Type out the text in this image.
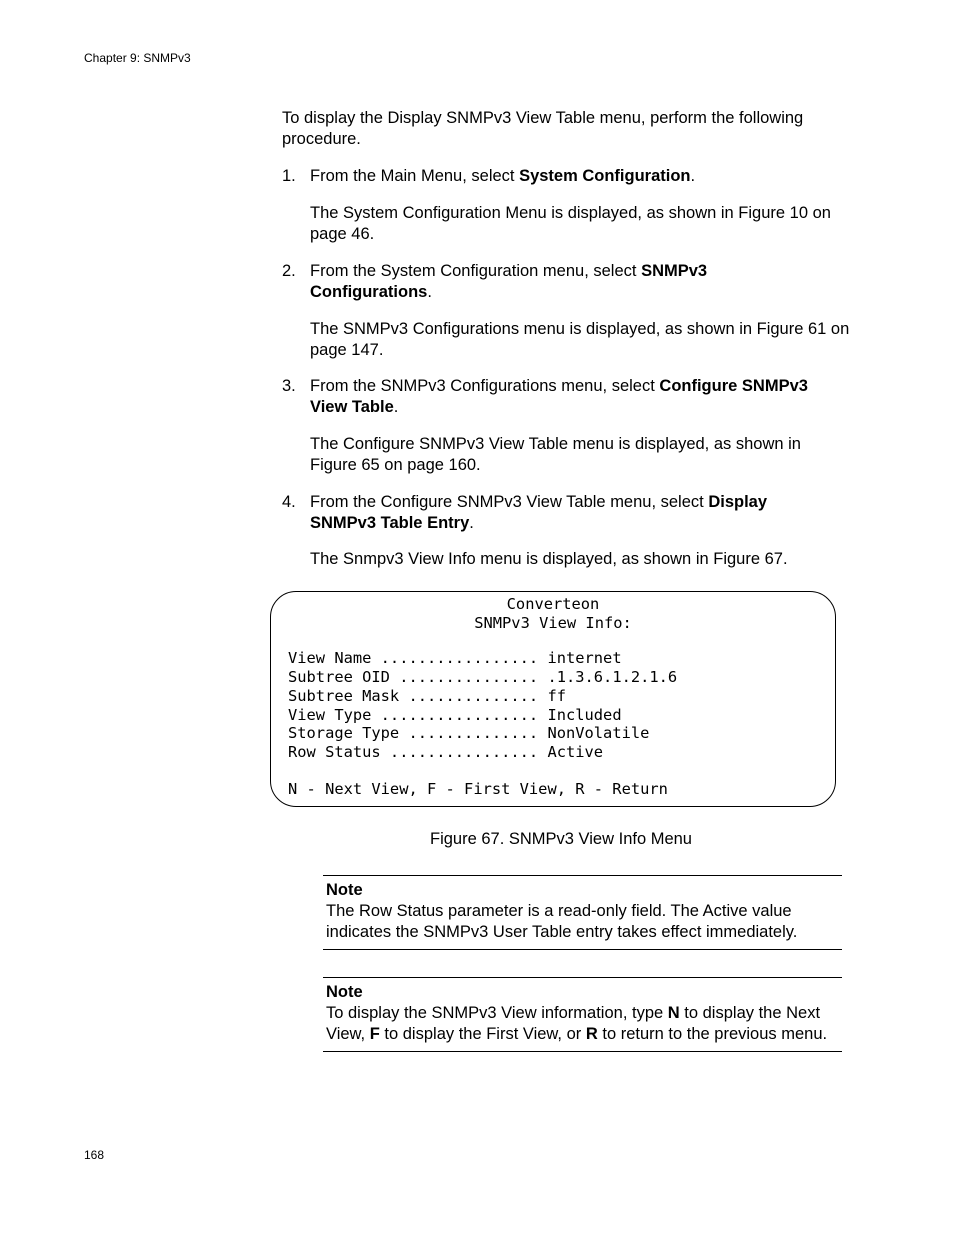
Chapter 9: SNMPv3
To display the Display SNMPv3 View Table menu, perform the following procedure.
1. From the Main Menu, select System Configuration.
The System Configuration Menu is displayed, as shown in Figure 10 on page 46.
2. From the System Configuration menu, select SNMPv3 Configurations.
The SNMPv3 Configurations menu is displayed, as shown in Figure 61 on page 147.
3. From the SNMPv3 Configurations menu, select Configure SNMPv3 View Table.
The Configure SNMPv3 View Table menu is displayed, as shown in Figure 65 on page 160.
4. From the Configure SNMPv3 View Table menu, select Display SNMPv3 Table Entry.
The Snmpv3 View Info menu is displayed, as shown in Figure 67.
Converteon
SNMPv3 View Info:
View Name ................. internet
Subtree OID ............... .1.3.6.1.2.1.6
Subtree Mask .............. ff
View Type ................. Included
Storage Type .............. NonVolatile
Row Status ................ Active
N - Next View, F - First View, R - Return
Figure 67. SNMPv3 View Info Menu
Note
The Row Status parameter is a read-only field. The Active value indicates the SNMPv3 User Table entry takes effect immediately.
Note
To display the SNMPv3 View information, type N to display the Next View, F to display the First View, or R to return to the previous menu.
168
